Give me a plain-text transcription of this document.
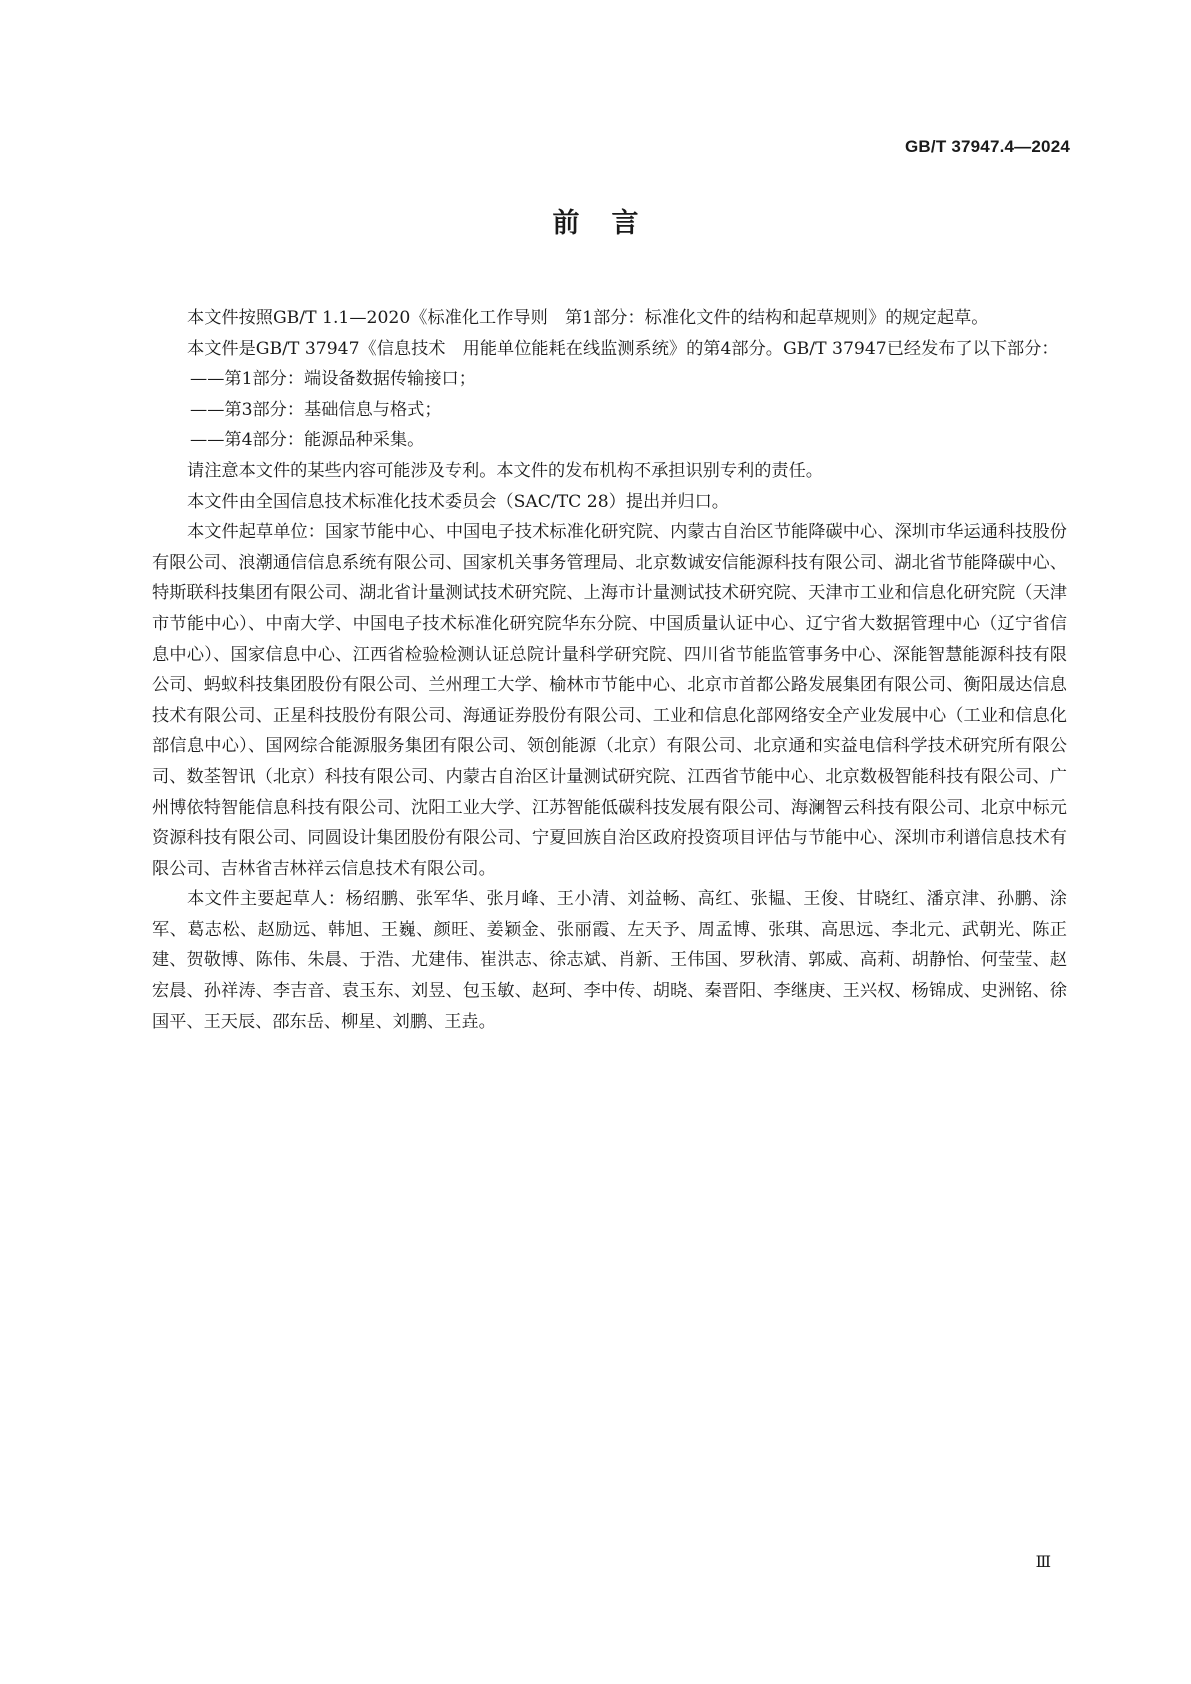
GB/T 37947.4—2024
前言

本文件按照GB/T 1.1—2020《标准化工作导则　第1部分：标准化文件的结构和起草规则》的规定起草。

本文件是GB/T 37947《信息技术　用能单位能耗在线监测系统》的第4部分。GB/T 37947已经发布了以下部分：

——第1部分：端设备数据传输接口；

——第3部分：基础信息与格式；

——第4部分：能源品种采集。

请注意本文件的某些内容可能涉及专利。本文件的发布机构不承担识别专利的责任。

本文件由全国信息技术标准化技术委员会（SAC/TC 28）提出并归口。

本文件起草单位：国家节能中心、中国电子技术标准化研究院、内蒙古自治区节能降碳中心、深圳市华运通科技股份有限公司、浪潮通信信息系统有限公司、国家机关事务管理局、北京数诚安信能源科技有限公司、湖北省节能降碳中心、特斯联科技集团有限公司、湖北省计量测试技术研究院、上海市计量测试技术研究院、天津市工业和信息化研究院（天津市节能中心）、中南大学、中国电子技术标准化研究院华东分院、中国质量认证中心、辽宁省大数据管理中心（辽宁省信息中心）、国家信息中心、江西省检验检测认证总院计量科学研究院、四川省节能监管事务中心、深能智慧能源科技有限公司、蚂蚁科技集团股份有限公司、兰州理工大学、榆林市节能中心、北京市首都公路发展集团有限公司、衡阳晟达信息技术有限公司、正星科技股份有限公司、海通证券股份有限公司、工业和信息化部网络安全产业发展中心（工业和信息化部信息中心）、国网综合能源服务集团有限公司、领创能源（北京）有限公司、北京通和实益电信科学技术研究所有限公司、数荃智讯（北京）科技有限公司、内蒙古自治区计量测试研究院、江西省节能中心、北京数极智能科技有限公司、广州博依特智能信息科技有限公司、沈阳工业大学、江苏智能低碳科技发展有限公司、海澜智云科技有限公司、北京中标元资源科技有限公司、同圆设计集团股份有限公司、宁夏回族自治区政府投资项目评估与节能中心、深圳市利谱信息技术有限公司、吉林省吉林祥云信息技术有限公司。

本文件主要起草人：杨绍鹏、张军华、张月峰、王小清、刘益畅、高红、张韫、王俊、甘晓红、潘京津、孙鹏、涂军、葛志松、赵励远、韩旭、王巍、颜旺、姜颖金、张丽霞、左天予、周孟博、张琪、高思远、李北元、武朝光、陈正建、贺敬博、陈伟、朱晨、于浩、尤建伟、崔洪志、徐志斌、肖新、王伟国、罗秋清、郭威、高莉、胡静怡、何莹莹、赵宏晨、孙祥涛、李吉音、袁玉东、刘昱、包玉敏、赵珂、李中传、胡晓、秦晋阳、李继庚、王兴权、杨锦成、史洲铭、徐国平、王天辰、邵东岳、柳星、刘鹏、王垚。

Ⅲ
